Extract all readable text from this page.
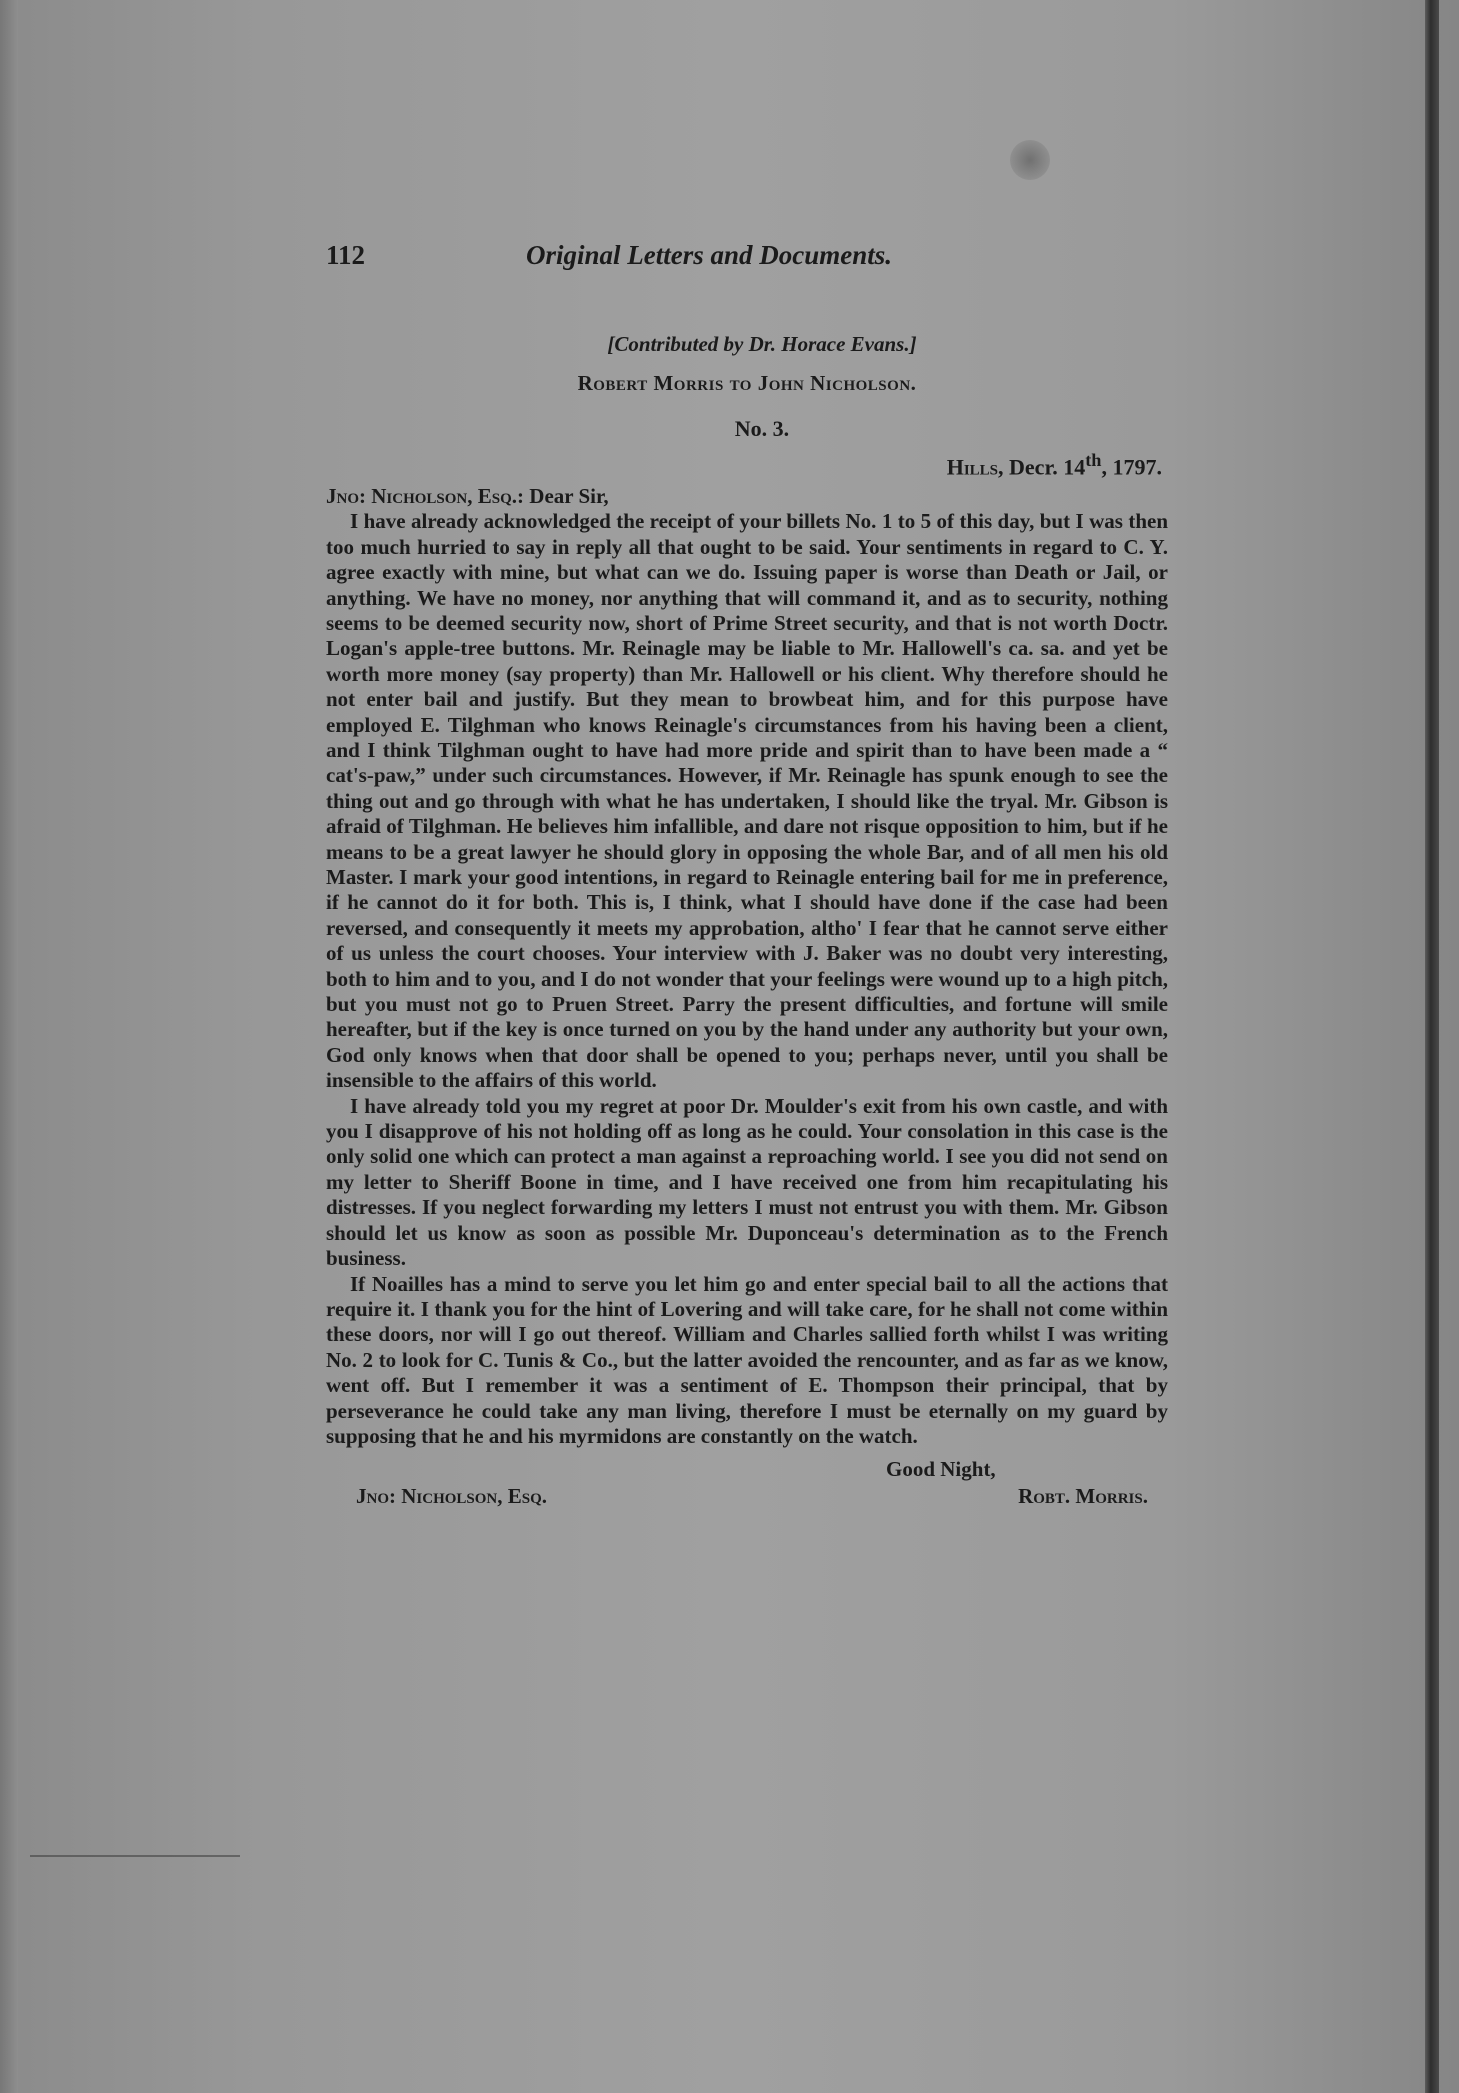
112	Original Letters and Documents.
[Contributed by Dr. Horace Evans.]
Robert Morris to John Nicholson.
No. 3.
Hills, Decr. 14th, 1797.
Jno: Nicholson, Esq.: Dear Sir,

I have already acknowledged the receipt of your billets No. 1 to 5 of this day, but I was then too much hurried to say in reply all that ought to be said. Your sentiments in regard to C. Y. agree exactly with mine, but what can we do. Issuing paper is worse than Death or Jail, or anything. We have no money, nor anything that will command it, and as to security, nothing seems to be deemed security now, short of Prime Street security, and that is not worth Doctr. Logan's apple-tree buttons. Mr. Reinagle may be liable to Mr. Hallowell's ca. sa. and yet be worth more money (say property) than Mr. Hallowell or his client. Why therefore should he not enter bail and justify. But they mean to browbeat him, and for this purpose have employed E. Tilghman who knows Reinagle's circumstances from his having been a client, and I think Tilghman ought to have had more pride and spirit than to have been made a “ cat's-paw,” under such circumstances. However, if Mr. Reinagle has spunk enough to see the thing out and go through with what he has undertaken, I should like the tryal. Mr. Gibson is afraid of Tilghman. He believes him infallible, and dare not risque opposition to him, but if he means to be a great lawyer he should glory in opposing the whole Bar, and of all men his old Master. I mark your good intentions, in regard to Reinagle entering bail for me in preference, if he cannot do it for both. This is, I think, what I should have done if the case had been reversed, and consequently it meets my approbation, altho' I fear that he cannot serve either of us unless the court chooses. Your interview with J. Baker was no doubt very interesting, both to him and to you, and I do not wonder that your feelings were wound up to a high pitch, but you must not go to Pruen Street. Parry the present difficulties, and fortune will smile hereafter, but if the key is once turned on you by the hand under any authority but your own, God only knows when that door shall be opened to you; perhaps never, until you shall be insensible to the affairs of this world.

I have already told you my regret at poor Dr. Moulder's exit from his own castle, and with you I disapprove of his not holding off as long as he could. Your consolation in this case is the only solid one which can protect a man against a reproaching world. I see you did not send on my letter to Sheriff Boone in time, and I have received one from him recapitulating his distresses. If you neglect forwarding my letters I must not entrust you with them. Mr. Gibson should let us know as soon as possible Mr. Duponceau's determination as to the French business.

If Noailles has a mind to serve you let him go and enter special bail to all the actions that require it. I thank you for the hint of Lovering and will take care, for he shall not come within these doors, nor will I go out thereof. William and Charles sallied forth whilst I was writing No. 2 to look for C. Tunis & Co., but the latter avoided the rencounter, and as far as we know, went off. But I remember it was a sentiment of E. Thompson their principal, that by perseverance he could take any man living, therefore I must be eternally on my guard by supposing that he and his myrmidons are constantly on the watch.

Good Night,
Jno: Nicholson, Esq.	Robt. Morris.
